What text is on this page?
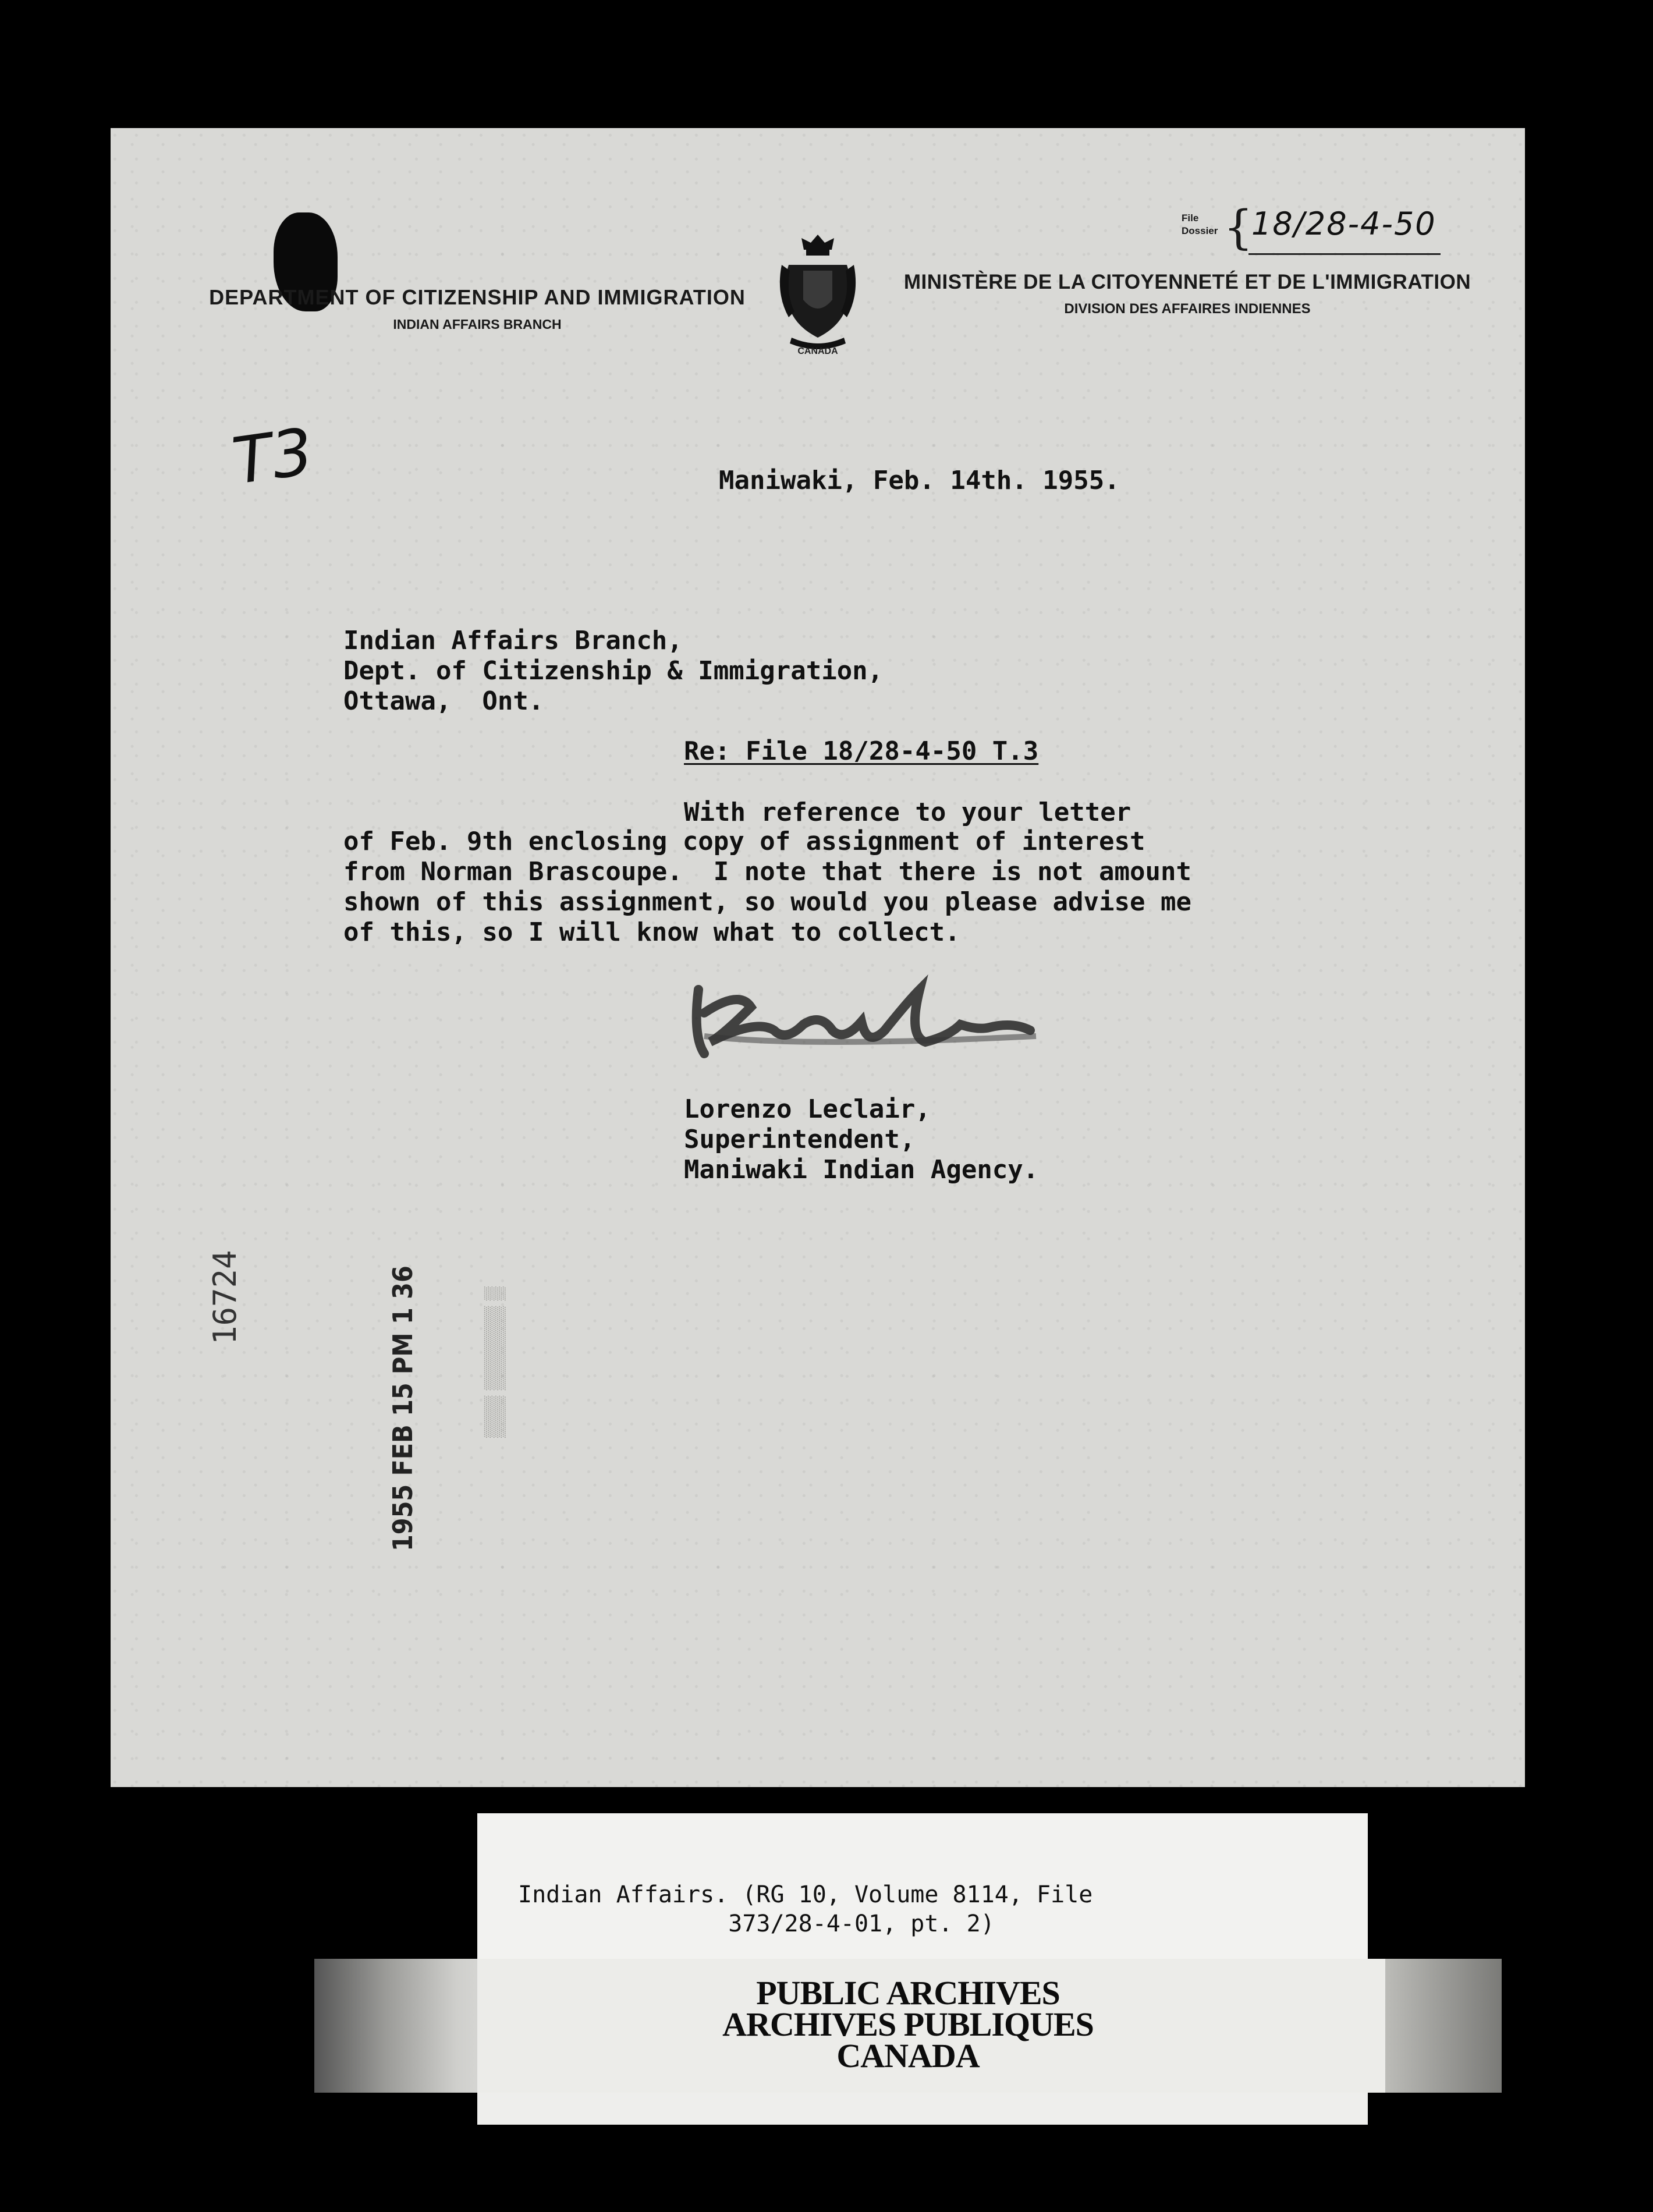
DEPARTMENT OF CITIZENSHIP AND IMMIGRATION
INDIAN AFFAIRS BRANCH
CANADA
MINISTÈRE DE LA CITOYENNETÉ ET DE L'IMMIGRATION
DIVISION DES AFFAIRES INDIENNES
File
Dossier {
18/28-4-50
T3	Maniwaki, Feb. 14th. 1955.
Indian Affairs Branch,
Dept. of Citizenship & Immigration,
Ottawa,  Ont.
Re: File 18/28-4-50 T.3
With reference to your letter
of Feb. 9th enclosing copy of assignment of interest
from Norman Brascoupe.  I note that there is not amount
shown of this assignment, so would you please advise me
of this, so I will know what to collect.
Lorenzo Leclair,
Superintendent,
Maniwaki Indian Agency.
16724	1955 FEB 15 PM 1 36	▒▒▒ ▒▒▒▒▒▒ ▒
Indian Affairs. (RG 10, Volume 8114, File
373/28-4-01, pt. 2)
PUBLIC ARCHIVES
ARCHIVES PUBLIQUES
CANADA
